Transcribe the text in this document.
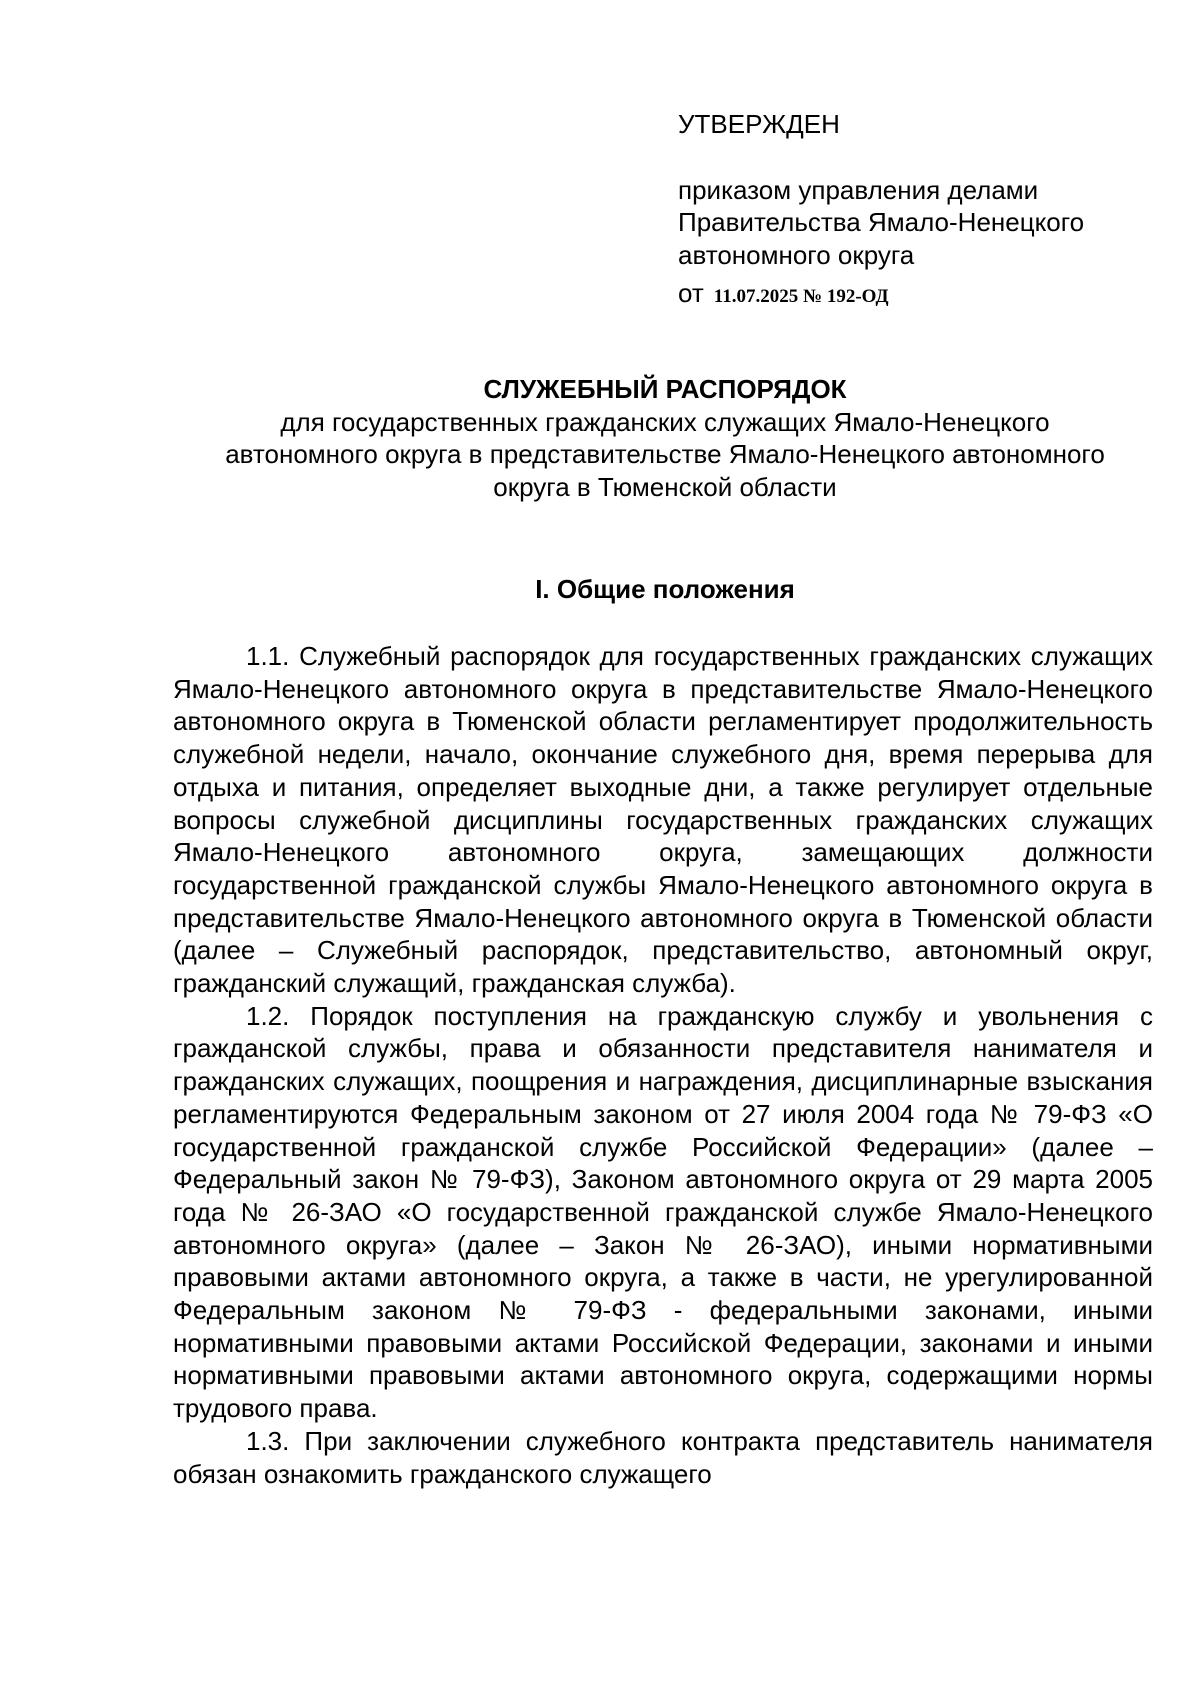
УТВЕРЖДЕН
приказом управления делами
Правительства Ямало-Ненецкого
автономного округа
от 11.07.2025 № 192-ОД
СЛУЖЕБНЫЙ РАСПОРЯДОК
для государственных гражданских служащих Ямало-Ненецкого
автономного округа в представительстве Ямало-Ненецкого автономного
округа в Тюменской области
I. Общие положения

1.1. Служебный распорядок для государственных гражданских служащих Ямало-Ненецкого автономного округа в представительстве Ямало-Ненецкого автономного округа в Тюменской области регламентирует продолжительность служебной недели, начало, окончание служебного дня, время перерыва для отдыха и питания, определяет выходные дни, а также регулирует отдельные вопросы служебной дисциплины государственных гражданских служащих Ямало-Ненецкого автономного округа, замещающих должности государственной гражданской службы Ямало-Ненецкого автономного округа в представительстве Ямало-Ненецкого автономного округа в Тюменской области (далее – Служебный распорядок, представительство, автономный округ, гражданский служащий, гражданская служба).

1.2. Порядок поступления на гражданскую службу и увольнения с гражданской службы, права и обязанности представителя нанимателя и гражданских служащих, поощрения и награждения, дисциплинарные взыскания регламентируются Федеральным законом от 27 июля 2004 года № 79-ФЗ «О государственной гражданской службе Российской Федерации» (далее – Федеральный закон № 79-ФЗ), Законом автономного округа от 29 марта 2005 года № 26-ЗАО «О государственной гражданской службе Ямало-Ненецкого автономного округа» (далее – Закон № 26-ЗАО), иными нормативными правовыми актами автономного округа, а также в части, не урегулированной Федеральным законом № 79-ФЗ - федеральными законами, иными нормативными правовыми актами Российской Федерации, законами и иными нормативными правовыми актами автономного округа, содержащими нормы трудового права.

1.3. При заключении служебного контракта представитель нанимателя обязан ознакомить гражданского служащего
